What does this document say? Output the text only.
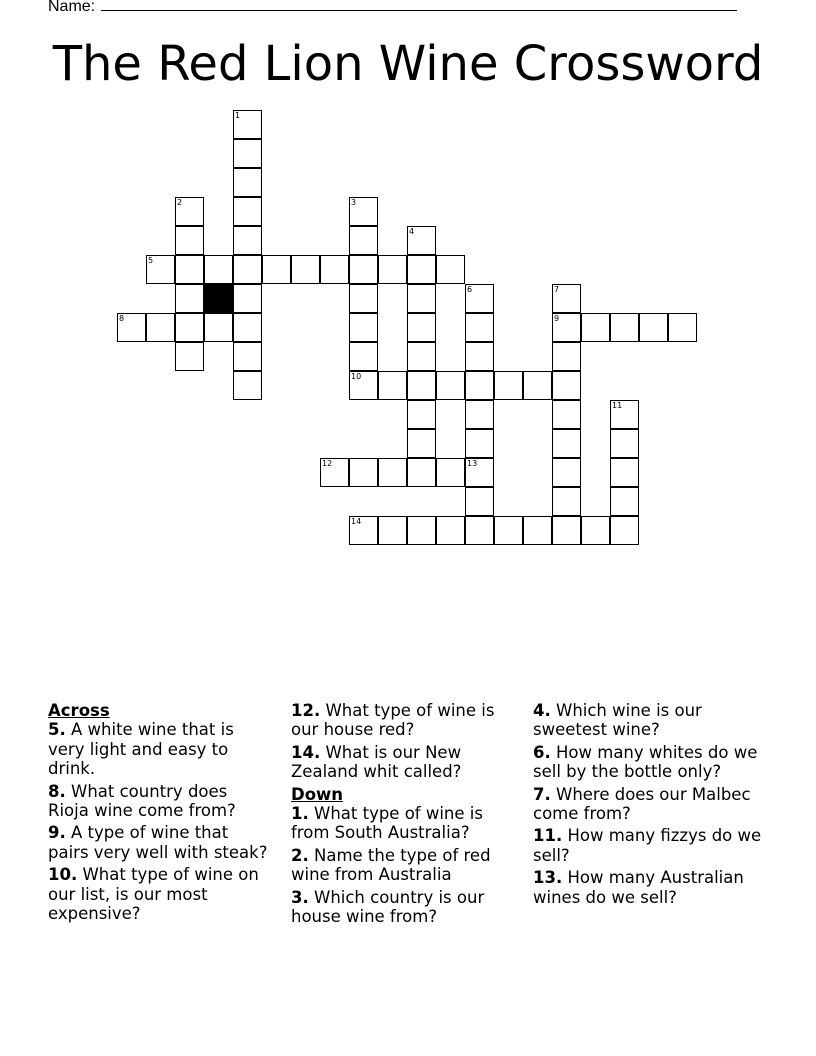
Name:
The Red Lion Wine Crossword
1
2	3
4
5
6	7
9
8
10
11
12	13
14

Across

5. A white wine that is very light and easy to drink.

8. What country does Rioja wine come from?

9. A type of wine that pairs very well with steak?

10. What type of wine on our list, is our most expensive?

12. What type of wine is our house red?

14. What is our New Zealand whit called?

Down

1. What type of wine is from South Australia?

2. Name the type of red wine from Australia

3. Which country is our house wine from?

4. Which wine is our sweetest wine?

6. How many whites do we sell by the bottle only?

7. Where does our Malbec come from?

11. How many fizzys do we sell?

13. How many Australian wines do we sell?
